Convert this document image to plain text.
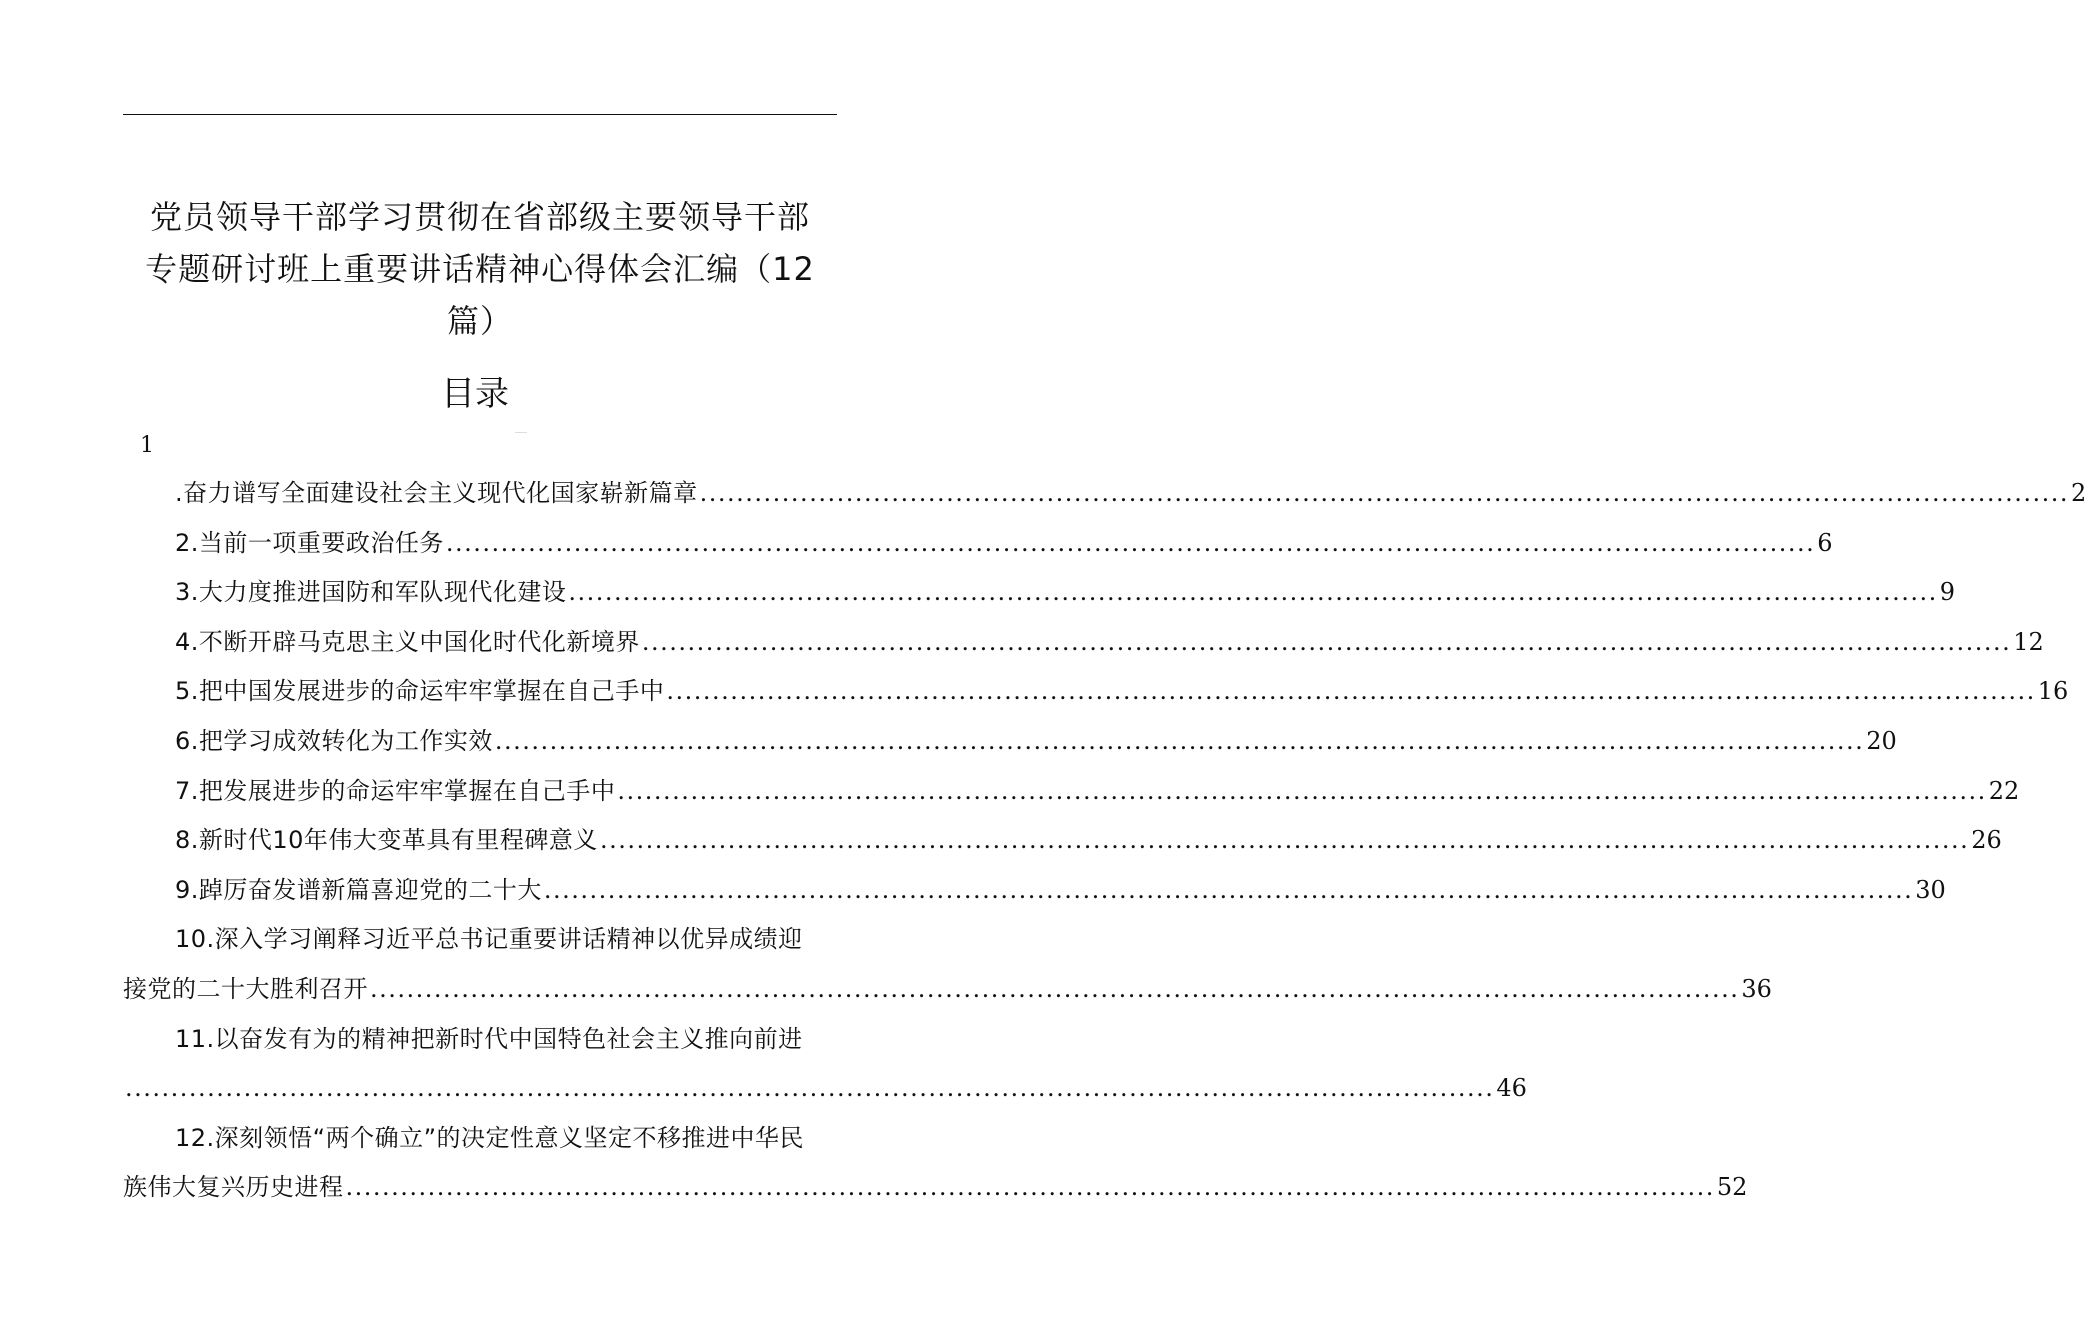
党员领导干部学习贯彻在省部级主要领导干部
专题研讨班上重要讲话精神心得体会汇编（12
篇）
目录
1
.奋力谱写全面建设社会主义现代化国家崭新篇章 ...................................................................................................................................................... 2
2.当前一项重要政治任务 ...................................................................................................................................................... 6
3.大力度推进国防和军队现代化建设 ...................................................................................................................................................... 9
4.不断开辟马克思主义中国化时代化新境界 ...................................................................................................................................................... 12
5.把中国发展进步的命运牢牢掌握在自己手中 ...................................................................................................................................................... 16
6.把学习成效转化为工作实效 ...................................................................................................................................................... 20
7.把发展进步的命运牢牢掌握在自己手中 ...................................................................................................................................................... 22
8.新时代10年伟大变革具有里程碑意义 ...................................................................................................................................................... 26
9.踔厉奋发谱新篇喜迎党的二十大 ...................................................................................................................................................... 30
10.深入学习阐释习近平总书记重要讲话精神以优异成绩迎
接党的二十大胜利召开 ...................................................................................................................................................... 36
11.以奋发有为的精神把新时代中国特色社会主义推向前进
...................................................................................................................................................... 46
12.深刻领悟“两个确立”的决定性意义坚定不移推进中华民
族伟大复兴历史进程 ...................................................................................................................................................... 52
